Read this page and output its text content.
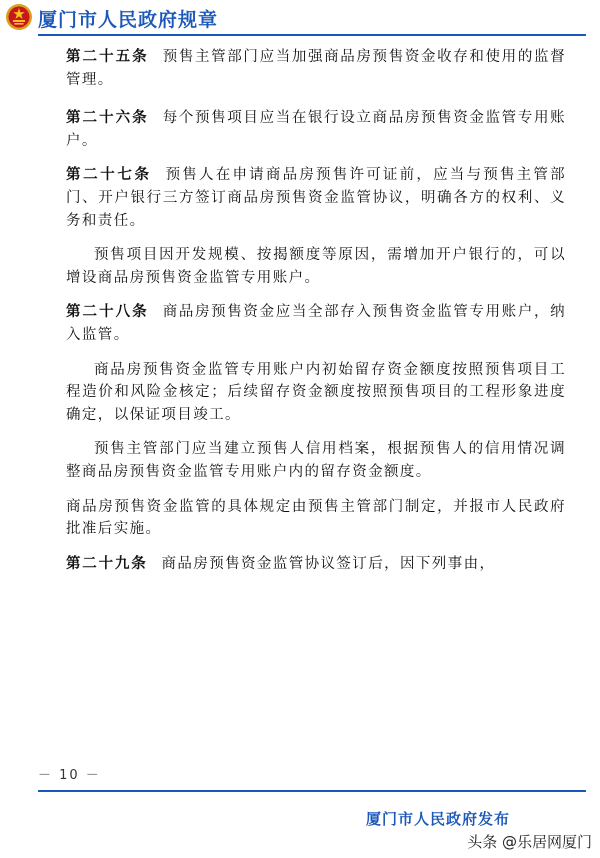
厦门市人民政府规章

第二十五条 预售主管部门应当加强商品房预售资金收存和使用的监督管理。

第二十六条 每个预售项目应当在银行设立商品房预售资金监管专用账户。

第二十七条 预售人在申请商品房预售许可证前，应当与预售主管部门、开户银行三方签订商品房预售资金监管协议，明确各方的权利、义务和责任。

预售项目因开发规模、按揭额度等原因，需增加开户银行的，可以增设商品房预售资金监管专用账户。

第二十八条 商品房预售资金应当全部存入预售资金监管专用账户，纳入监管。

商品房预售资金监管专用账户内初始留存资金额度按照预售项目工程造价和风险金核定；后续留存资金额度按照预售项目的工程形象进度确定，以保证项目竣工。

预售主管部门应当建立预售人信用档案，根据预售人的信用情况调整商品房预售资金监管专用账户内的留存资金额度。

商品房预售资金监管的具体规定由预售主管部门制定，并报市人民政府批准后实施。

第二十九条 商品房预售资金监管协议签订后，因下列事由，

－ 10 －
厦门市人民政府发布
头条 @乐居网厦门
